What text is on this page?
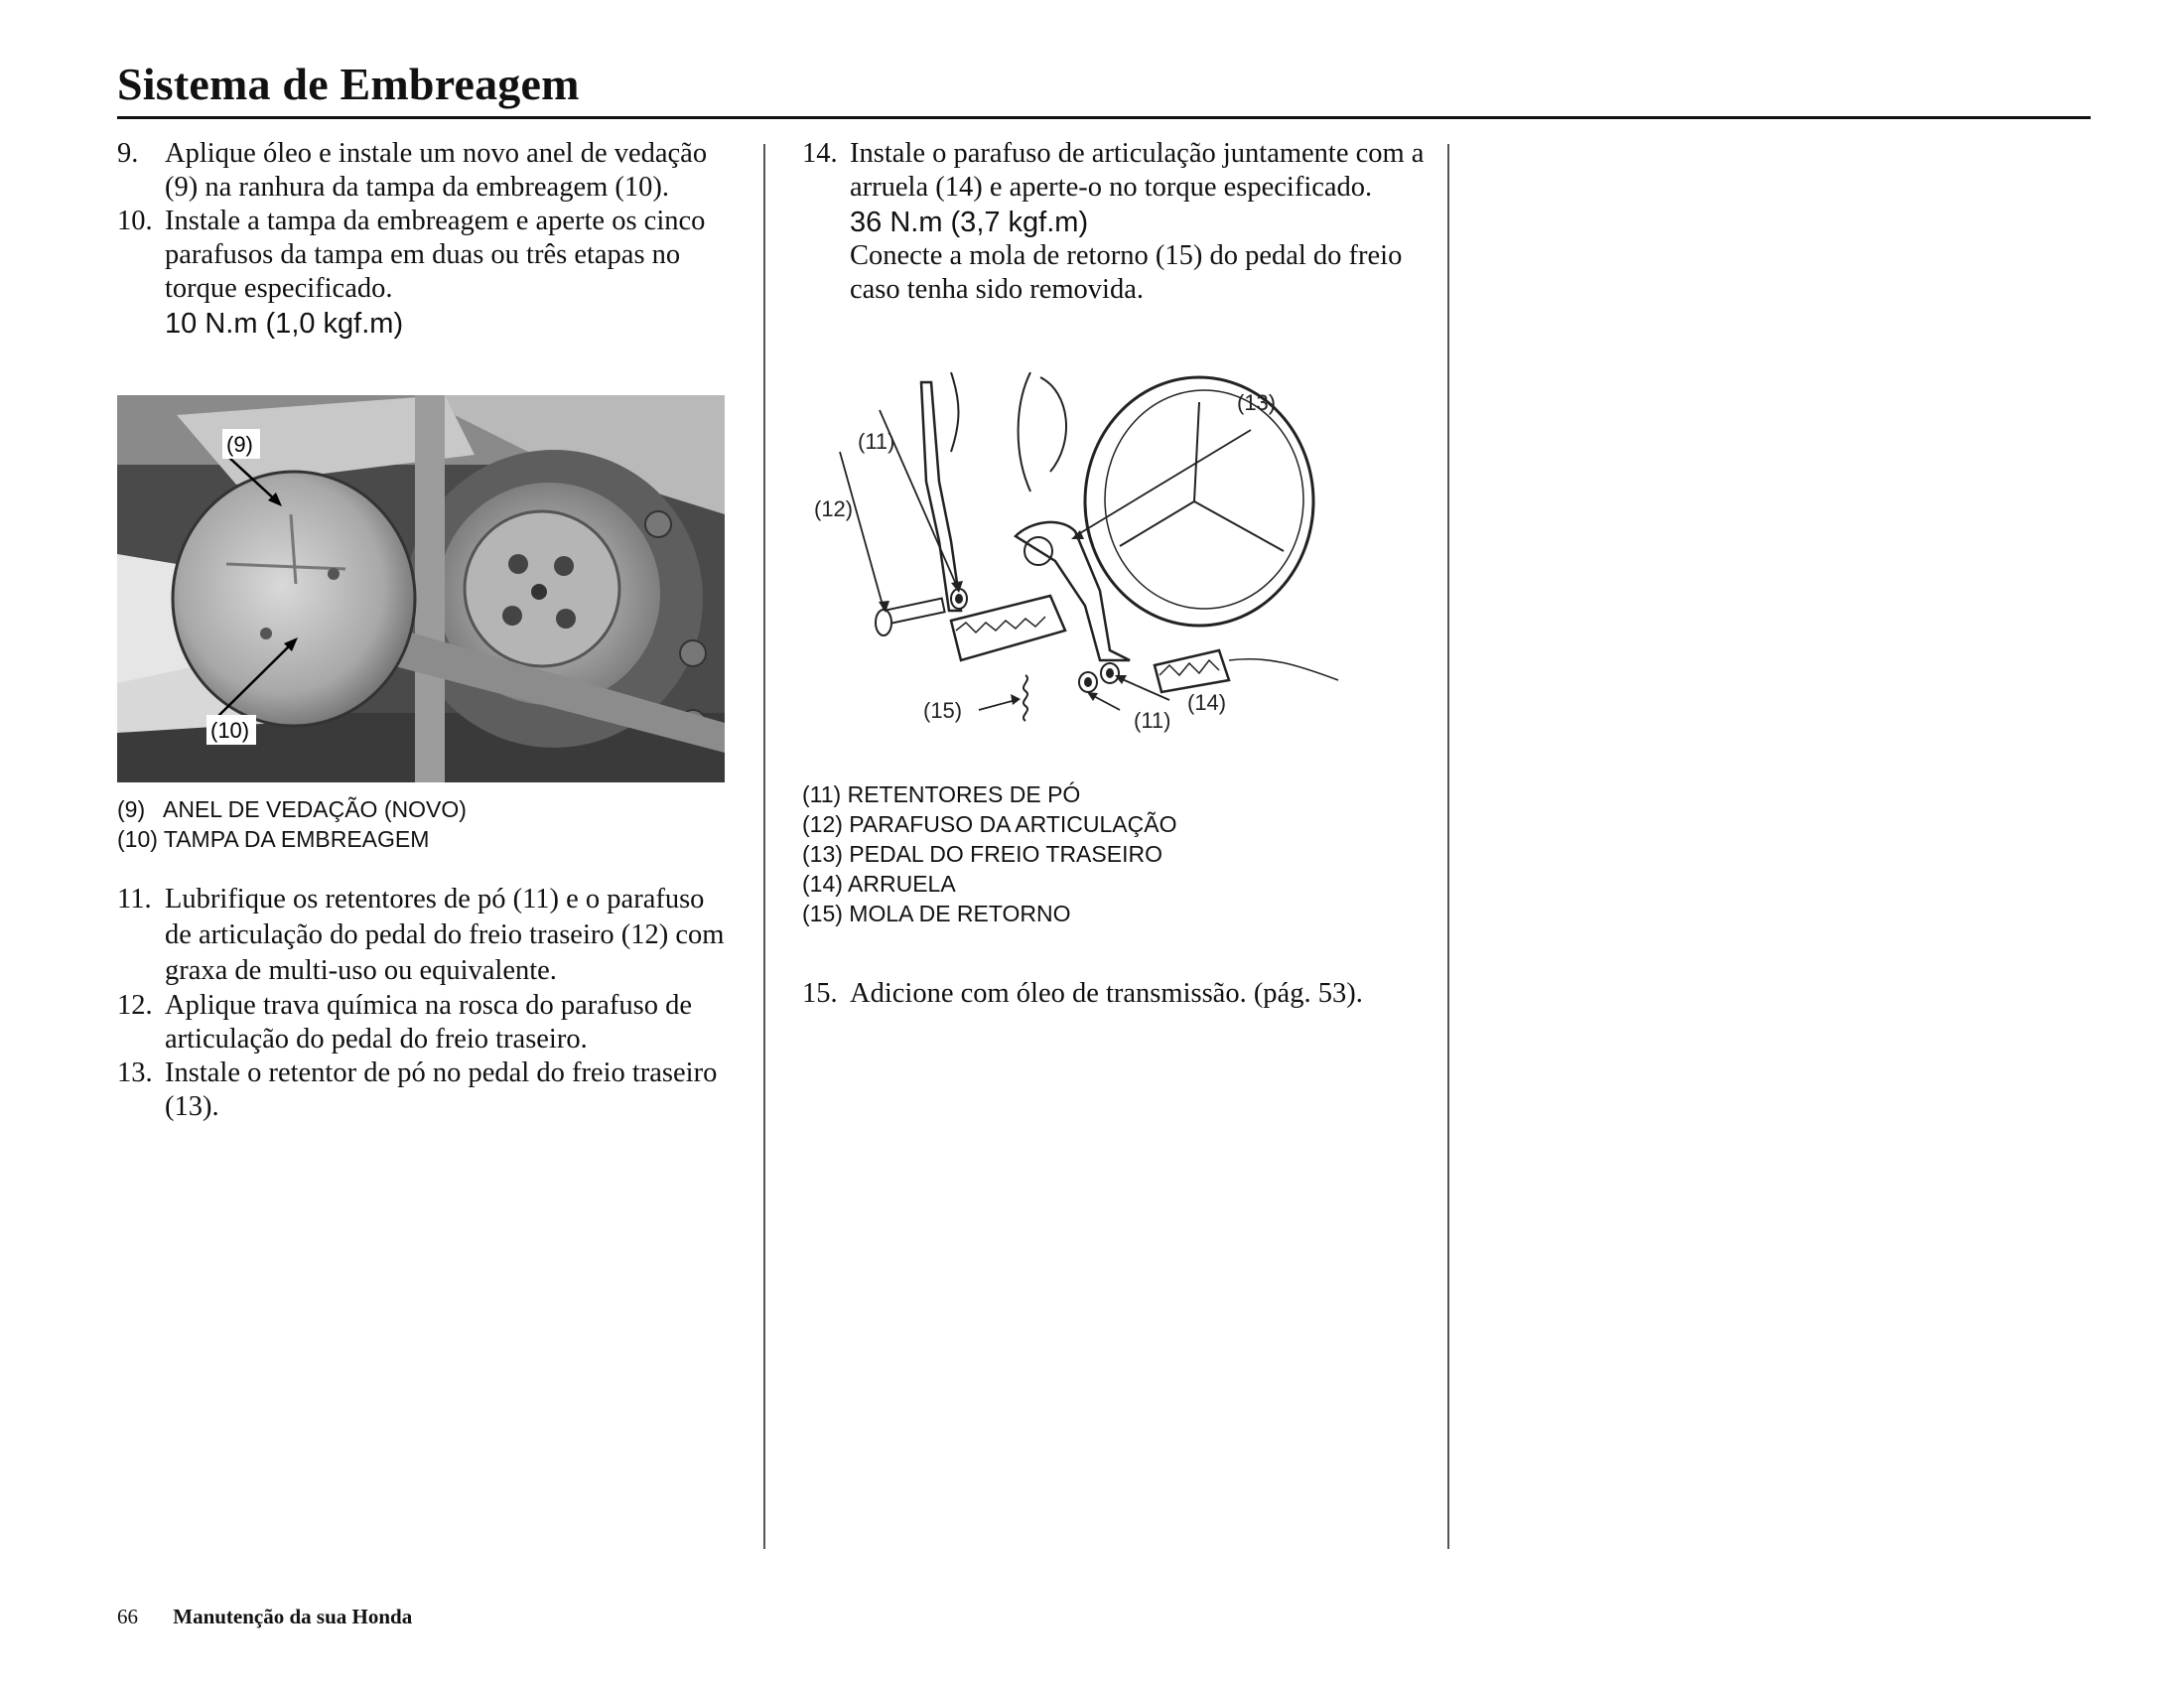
Sistema de Embreagem
9. Aplique óleo e instale um novo anel de vedação (9) na ranhura da tampa da embreagem (10).
10. Instale a tampa da embreagem e aperte os cinco parafusos da tampa em duas ou três etapas no torque especificado.
10 N.m (1,0 kgf.m)
(9)
(10)
(9)   ANEL DE VEDAÇÃO (NOVO)
(10) TAMPA DA EMBREAGEM
11. Lubrifique os retentores de pó (11) e o parafuso de articulação do pedal do freio traseiro (12) com graxa de multi-uso ou equivalente.
12. Aplique trava química na rosca do parafuso de articulação do pedal do freio traseiro.
13. Instale o retentor de pó no pedal do freio traseiro (13).
14. Instale o parafuso de articulação juntamente com a arruela (14) e aperte-o no torque especificado.
36 N.m (3,7 kgf.m)
Conecte a mola de retorno (15) do pedal do freio caso tenha sido removida.
(11)
(12)
(13)
(14)
(15)	(11)
(11) RETENTORES DE PÓ
(12) PARAFUSO DA ARTICULAÇÃO
(13) PEDAL DO FREIO TRASEIRO
(14) ARRUELA
(15) MOLA DE RETORNO
15. Adicione com óleo de transmissão. (pág. 53).
66 Manutenção da sua Honda
